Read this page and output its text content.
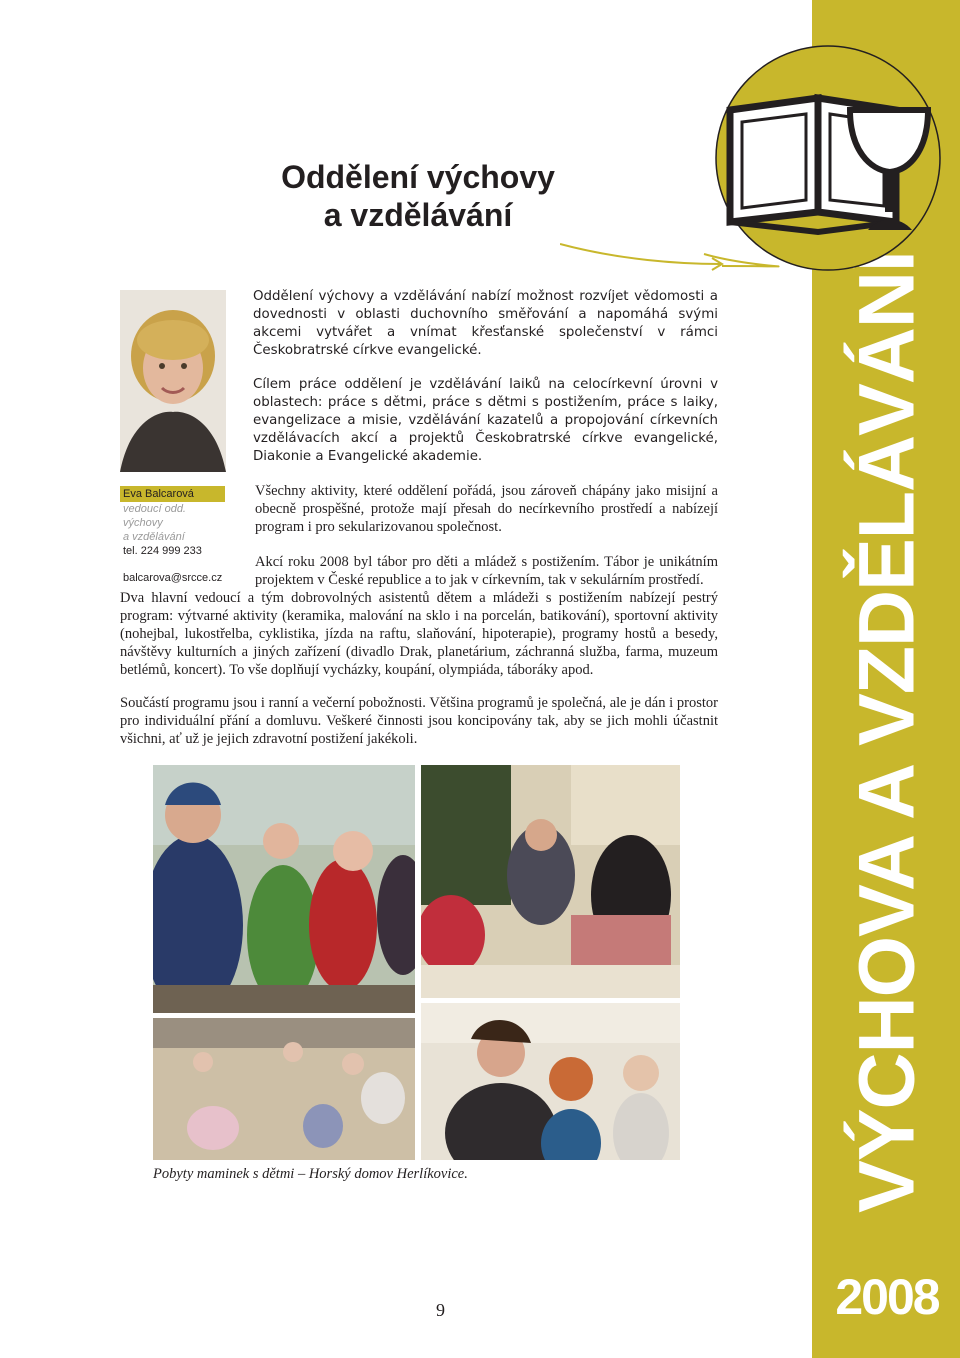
VÝCHOVA A VZDĚLÁVÁNÍ
2008
Oddělení výchovy
a vzdělávání
Eva Balcarová
vedoucí odd. výchovy
a vzdělávání
tel. 224 999 233
balcarova@srcce.cz
Oddělení výchovy a vzdělávání nabízí možnost rozvíjet vědomosti a dovednosti v oblasti duchovního směřování a napomáhá svými akcemi vytvářet a vnímat křesťanské společenství v rámci Českobratrské církve evangelické.
Cílem práce oddělení je vzdělávání laiků na celocírkevní úrovni v oblastech: práce s dětmi, práce s dětmi s postižením, práce s laiky, evangelizace a misie, vzdělávání kazatelů a propojování církevních vzdělávacích akcí a projektů Českobratrské církve evangelické, Diakonie a Evangelické akademie.
Všechny aktivity, které oddělení pořádá, jsou zároveň chápány jako misijní a obecně prospěšné, protože mají přesah do necírkevního prostředí a nabízejí program i pro sekularizovanou společnost.
Akcí roku 2008 byl tábor pro děti a mládež s postižením. Tábor je unikátním projektem v České republice a to jak v církevním, tak v sekulárním prostředí.
Dva hlavní vedoucí a tým dobrovolných asistentů dětem a mládeži s postižením nabízejí pestrý program: výtvarné aktivity (keramika, malování na sklo i na porcelán, batikování), sportovní aktivity (nohejbal, lukostřelba, cyklistika, jízda na raftu, slaňování, hipoterapie), programy hostů a besedy, návštěvy kulturních a jiných zařízení (divadlo Drak, planetárium, záchranná služba, farma, muzeum betlémů, koncert). To vše doplňují vycházky, koupání, olympiáda, táboráky apod.
Součástí programu jsou i ranní a večerní pobožnosti. Většina programů je společná, ale je dán i prostor pro individuální přání a domluvu. Veškeré činnosti jsou koncipovány tak, aby se jich mohli účastnit všichni, ať už je jejich zdravotní postižení jakékoli.
Pobyty maminek s dětmi – Horský domov Herlíkovice.
9
